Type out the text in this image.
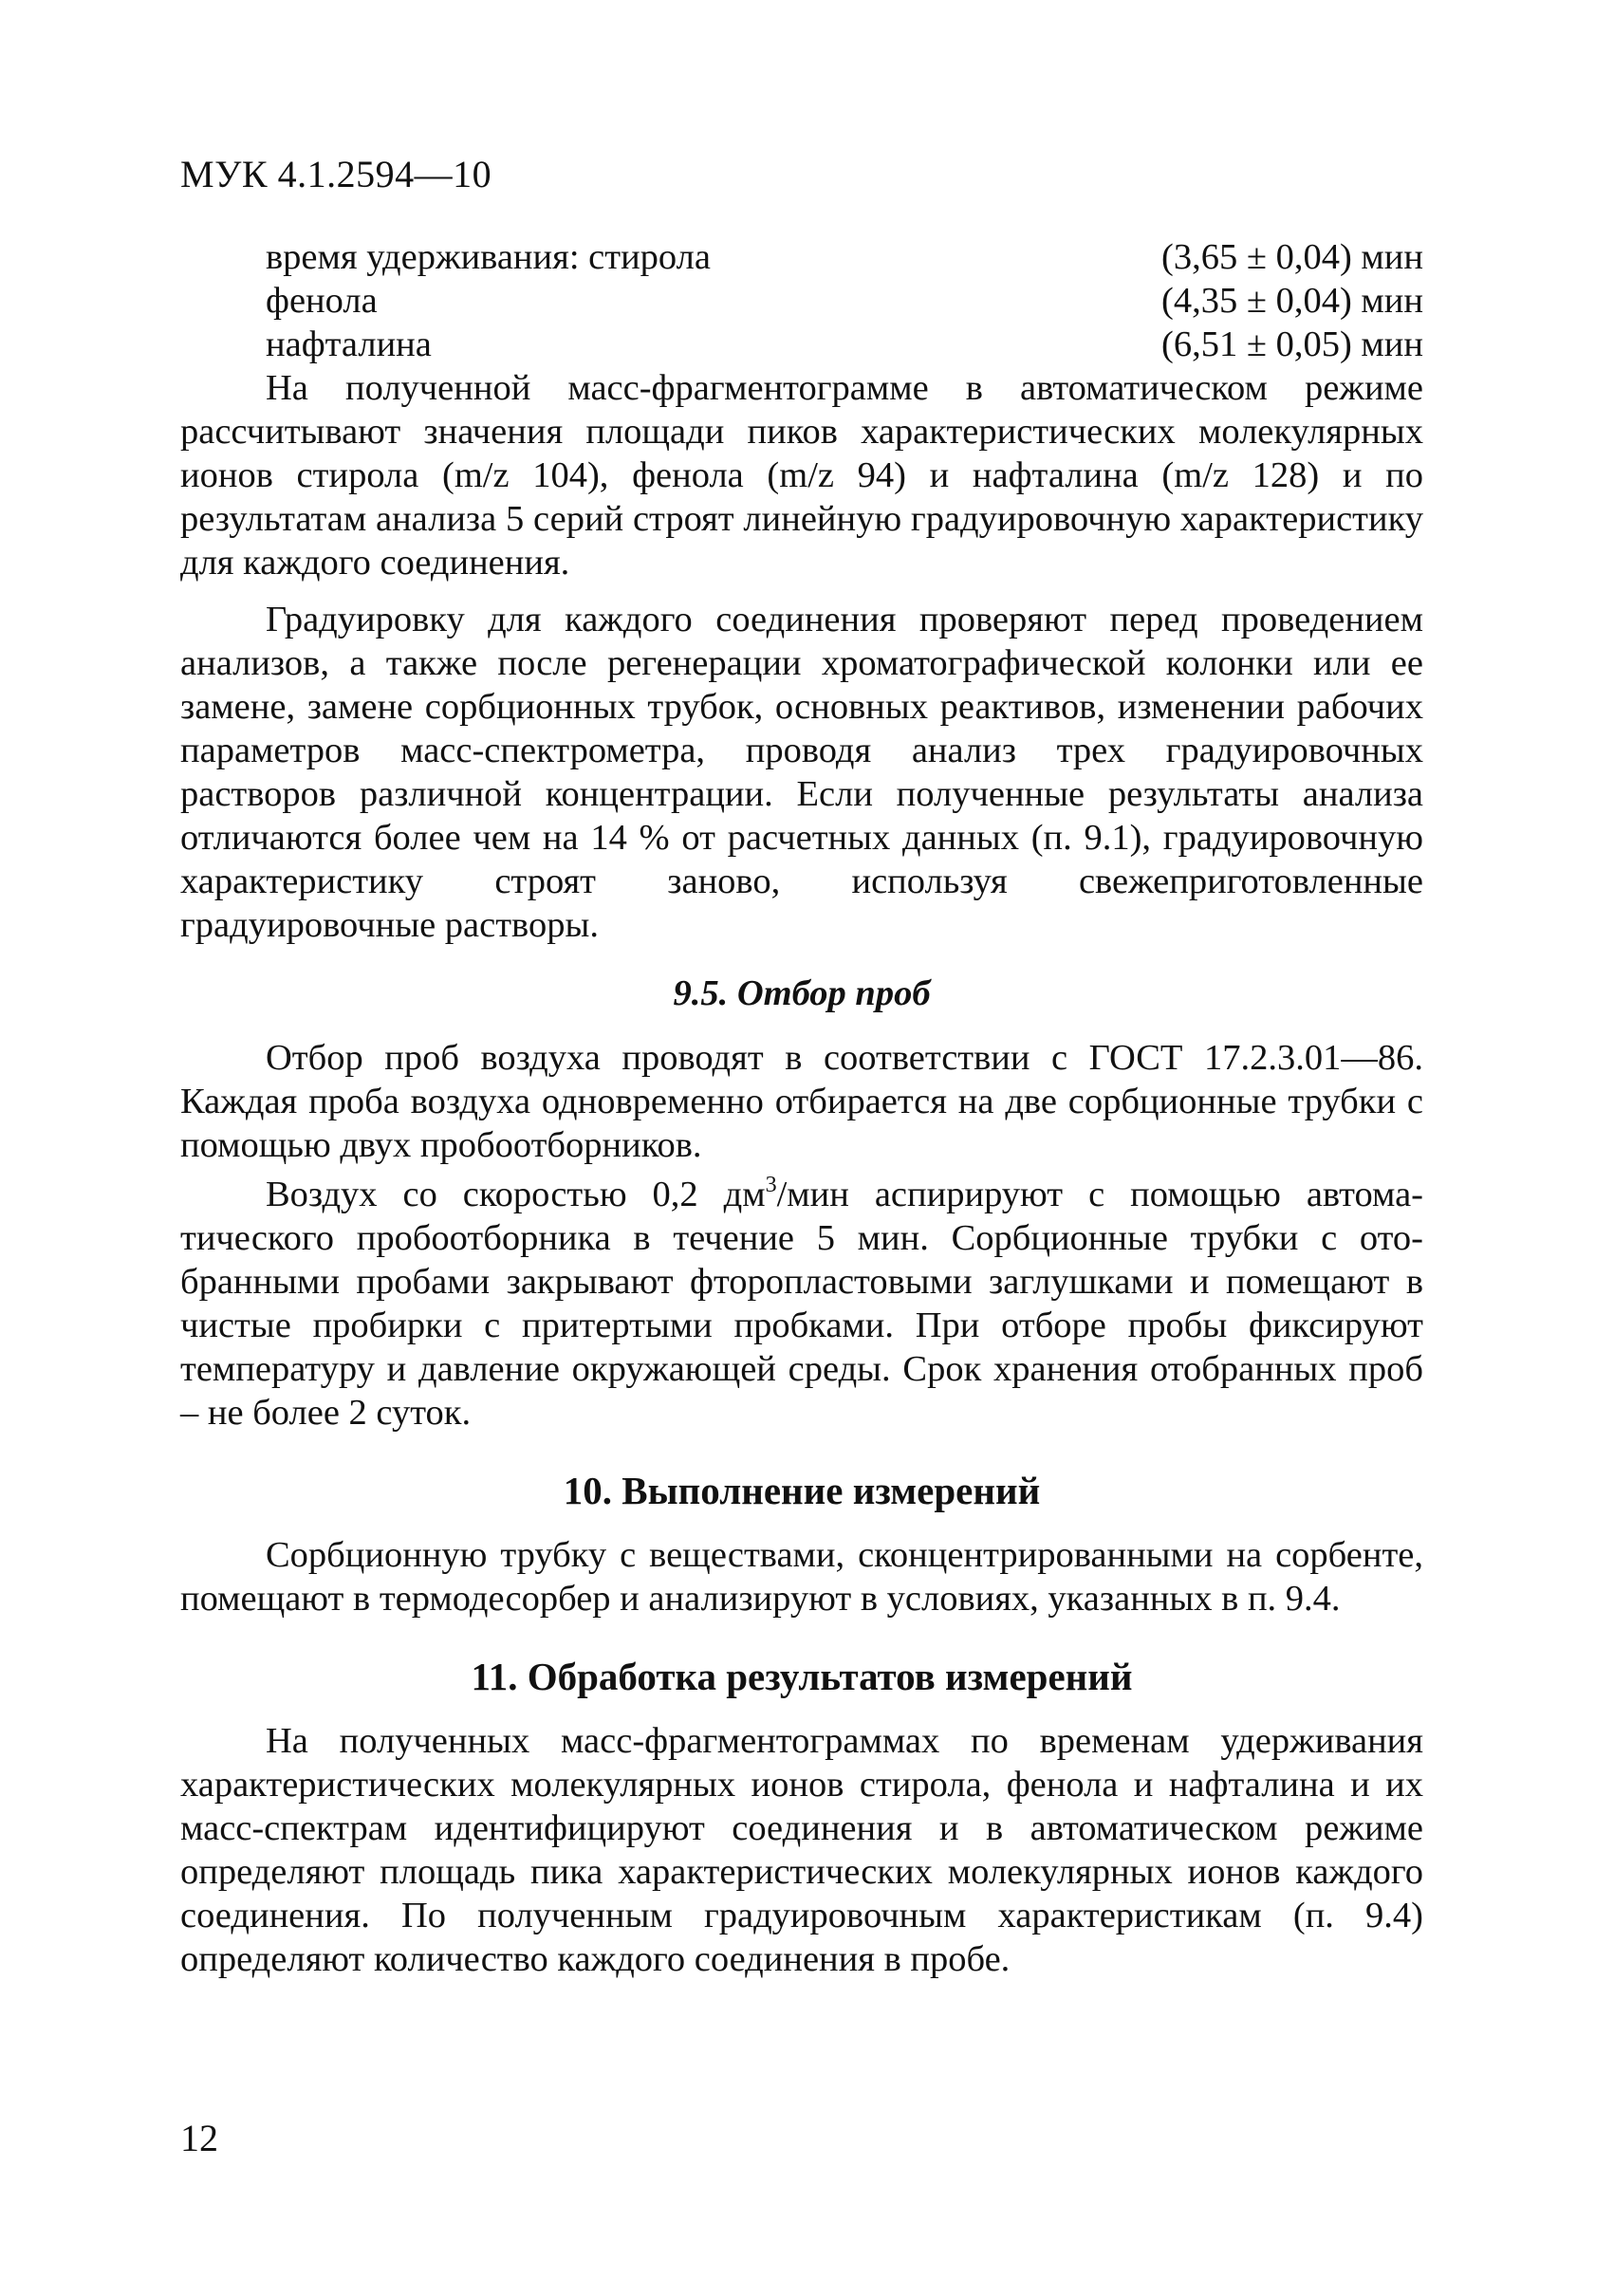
МУК 4.1.2594—10
время удерживания: стирола	(3,65 ± 0,04) мин
фенола	(4,35 ± 0,04) мин
нафталина	(6,51 ± 0,05) мин

На полученной масс-фрагментограмме в автоматическом режиме рассчитывают значения площади пиков характеристических молекулярных ионов стирола (m/z 104), фенола (m/z 94) и нафталина (m/z 128) и по результатам анализа 5 серий строят линейную градуировочную характеристику для каждого соединения.

Градуировку для каждого соединения проверяют перед проведением анализов, а также после регенерации хроматографической колонки или ее замене, замене сорбционных трубок, основных реактивов, изменении рабочих параметров масс-спектрометра, проводя анализ трех градуировочных растворов различной концентрации. Если полученные результаты анализа отличаются более чем на 14 % от расчетных данных (п. 9.1), градуировочную характеристику строят заново, используя свежеприготовленные градуировочные растворы.

9.5. Отбор проб

Отбор проб воздуха проводят в соответствии с ГОСТ 17.2.3.01—86. Каждая проба воздуха одновременно отбирается на две сорбционные трубки с помощью двух пробоотборников.

Воздух со скоростью 0,2 $дм^3$/мин аспирируют с помощью автоматического пробоотборника в течение 5 мин. Сорбционные трубки с отобранными пробами закрывают фторопластовыми заглушками и помещают в чистые пробирки с притертыми пробками. При отборе пробы фиксируют температуру и давление окружающей среды. Срок хранения отобранных проб – не более 2 суток.

10. Выполнение измерений

Сорбционную трубку с веществами, сконцентрированными на сорбенте, помещают в термодесорбер и анализируют в условиях, указанных в п. 9.4.

11. Обработка результатов измерений

На полученных масс-фрагментограммах по временам удерживания характеристических молекулярных ионов стирола, фенола и нафталина и их масс-спектрам идентифицируют соединения и в автоматическом режиме определяют площадь пика характеристических молекулярных ионов каждого соединения. По полученным градуировочным характеристикам (п. 9.4) определяют количество каждого соединения в пробе.

12
